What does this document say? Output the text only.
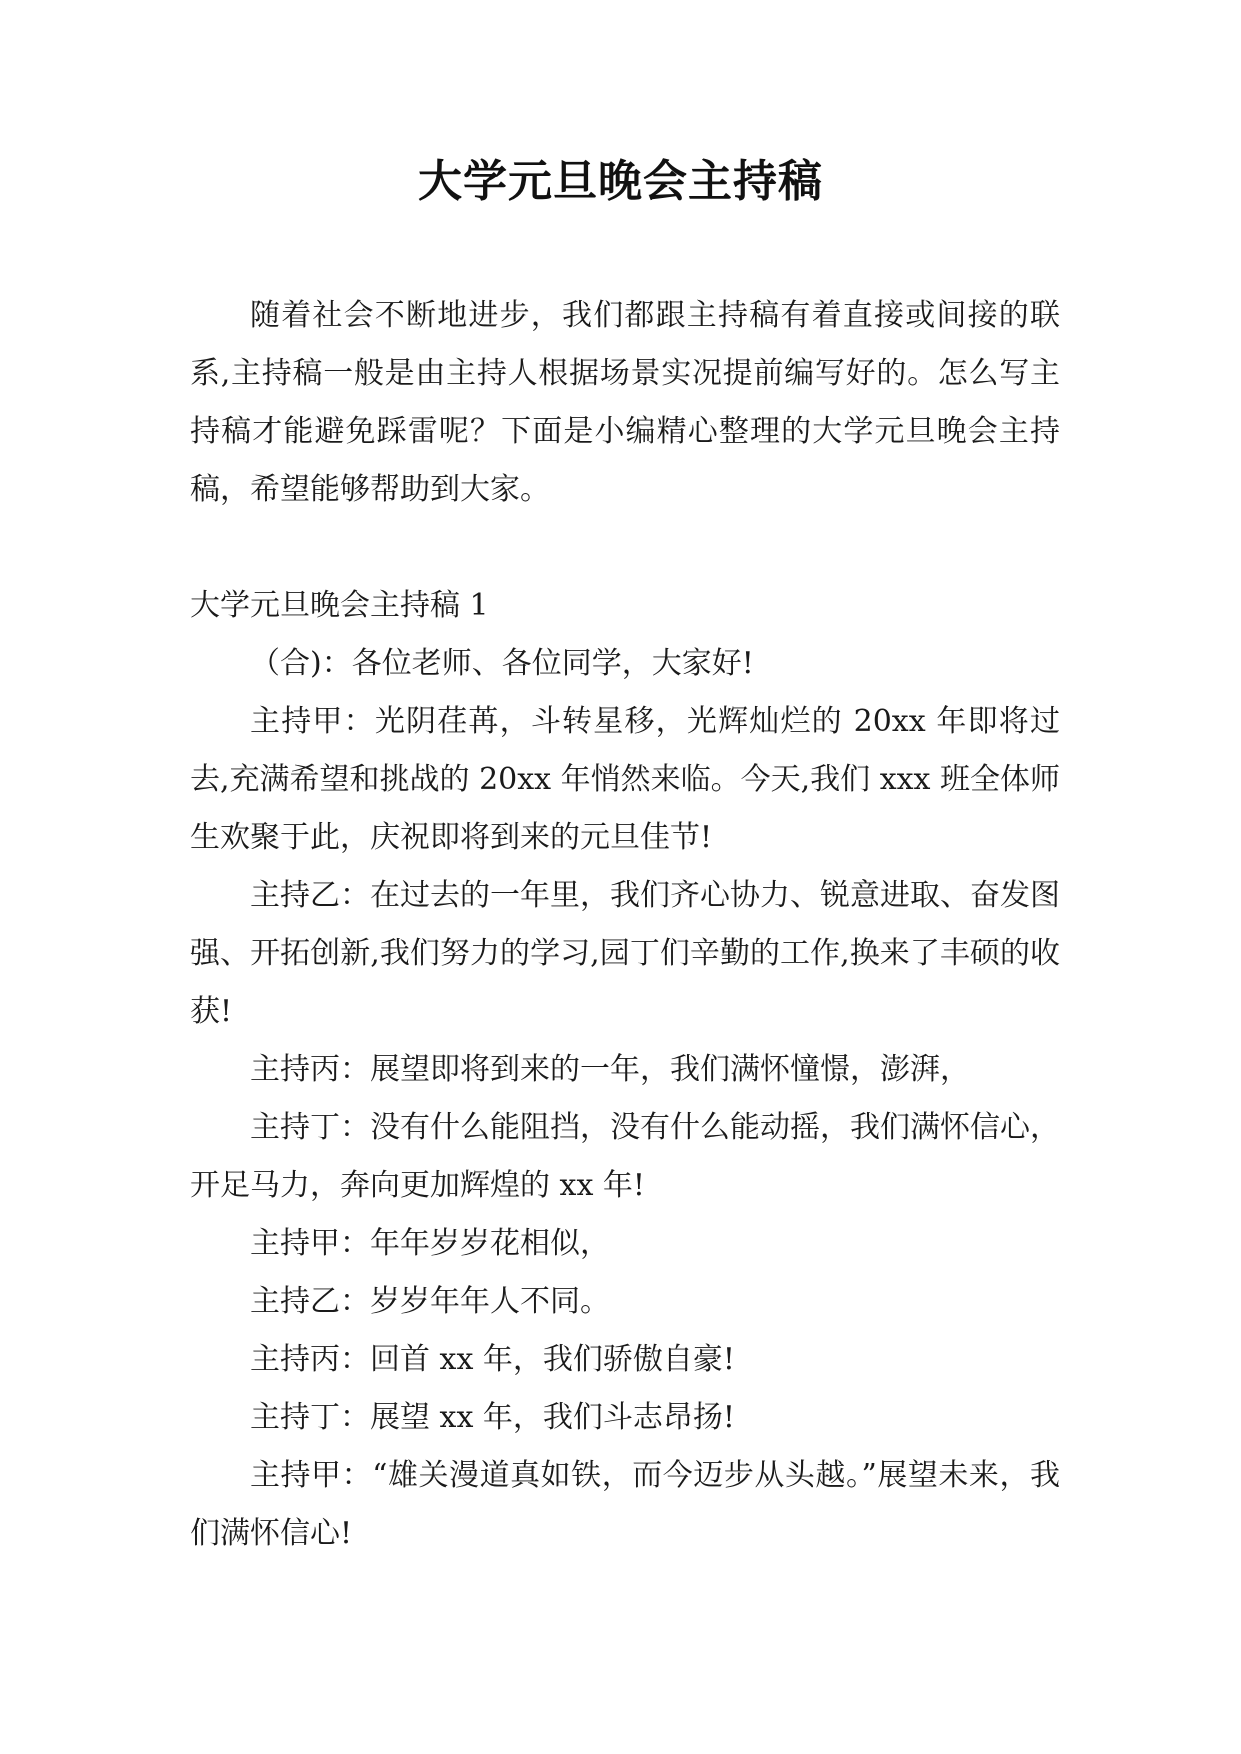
大学元旦晚会主持稿

随着社会不断地进步，我们都跟主持稿有着直接或间接的联系,主持稿一般是由主持人根据场景实况提前编写好的。怎么写主持稿才能避免踩雷呢？下面是小编精心整理的大学元旦晚会主持稿，希望能够帮助到大家。

大学元旦晚会主持稿 1

（合)：各位老师、各位同学，大家好!

主持甲：光阴荏苒，斗转星移，光辉灿烂的 20xx 年即将过去,充满希望和挑战的 20xx 年悄然来临。今天,我们 xxx 班全体师生欢聚于此，庆祝即将到来的元旦佳节!

主持乙：在过去的一年里，我们齐心协力、锐意进取、奋发图强、开拓创新,我们努力的学习,园丁们辛勤的工作,换来了丰硕的收获!

主持丙：展望即将到来的一年，我们满怀憧憬，澎湃，

主持丁：没有什么能阻挡，没有什么能动摇，我们满怀信心，开足马力，奔向更加辉煌的 xx 年!

主持甲：年年岁岁花相似，

主持乙：岁岁年年人不同。

主持丙：回首 xx 年，我们骄傲自豪!

主持丁：展望 xx 年，我们斗志昂扬!

主持甲：“雄关漫道真如铁，而今迈步从头越。”展望未来，我们满怀信心!
